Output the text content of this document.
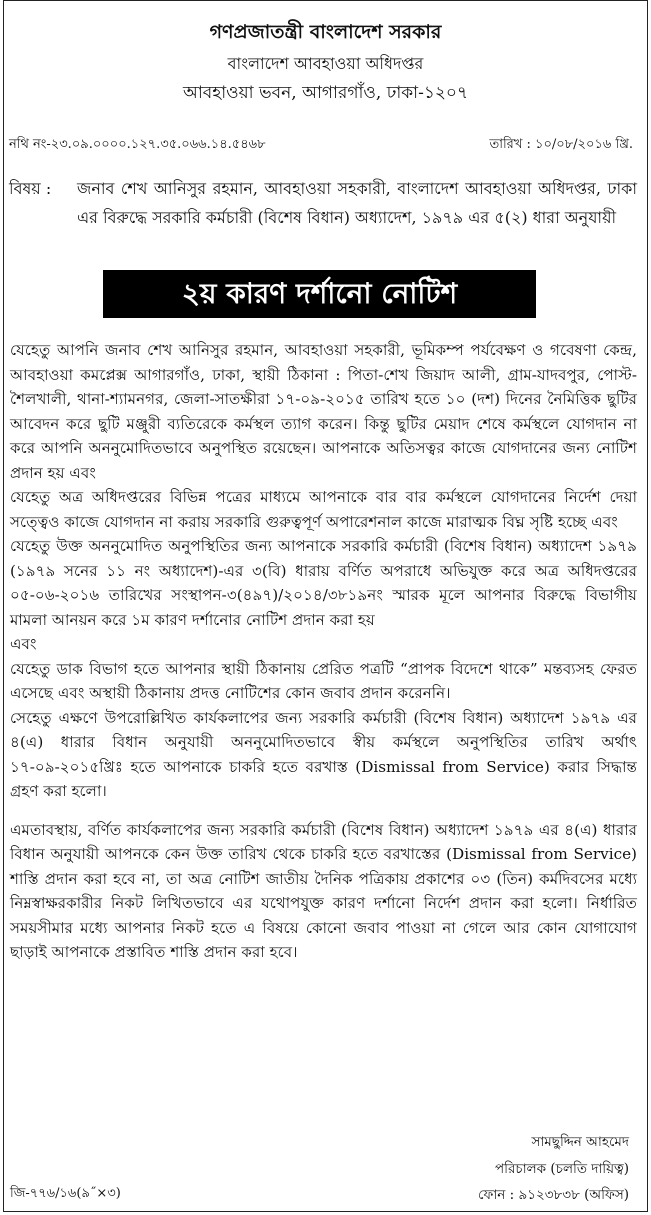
গণপ্রজাতন্ত্রী বাংলাদেশ সরকার
বাংলাদেশ আবহাওয়া অধিদপ্তর
আবহাওয়া ভবন, আগারগাঁও, ঢাকা-১২০৭
নথি নং-২৩.০৯.০০০০.১২৭.৩৫.০৬৬.১৪.৫৪৬৮	তারিখ : ১০/০৮/২০১৬ খ্রি.
বিষয় : জনাব শেখ আনিসুর রহমান, আবহাওয়া সহকারী, বাংলাদেশ আবহাওয়া অধিদপ্তর, ঢাকা এর বিরুদ্ধে সরকারি কর্মচারী (বিশেষ বিধান) অধ্যাদেশ, ১৯৭৯ এর ৫(২) ধারা অনুযায়ী
২য় কারণ দর্শানো নোটিশ

যেহেতু আপনি জনাব শেখ আনিসুর রহমান, আবহাওয়া সহকারী, ভূমিকম্প পর্যবেক্ষণ ও গবেষণা কেন্দ্র, আবহাওয়া কমপ্লেক্স আগারগাঁও, ঢাকা, স্থায়ী ঠিকানা : পিতা-শেখ জিয়াদ আলী, গ্রাম-যাদবপুর, পোস্ট-শৈলখালী, থানা-শ্যামনগর, জেলা-সাতক্ষীরা ১৭-০৯-২০১৫ তারিখ হতে ১০ (দশ) দিনের নৈমিত্তিক ছুটির আবেদন করে ছুটি মঞ্জুরী ব্যতিরেকে কর্মস্থল ত্যাগ করেন। কিন্তু ছুটির মেয়াদ শেষে কর্মস্থলে যোগদান না করে আপনি অননুমোদিতভাবে অনুপস্থিত রয়েছেন। আপনাকে অতিসত্বর কাজে যোগদানের জন্য নোটিশ প্রদান হয় এবং

যেহেতু অত্র অধিদপ্তরের বিভিন্ন পত্রের মাধ্যমে আপনাকে বার বার কর্মস্থলে যোগদানের নির্দেশ দেয়া সত্ত্বেও কাজে যোগদান না করায় সরকারি গুরুত্বপূর্ণ অপারেশনাল কাজে মারাত্মক বিঘ্ন সৃষ্টি হচ্ছে এবং

যেহেতু উক্ত অননুমোদিত অনুপস্থিতির জন্য আপনাকে সরকারি কর্মচারী (বিশেষ বিধান) অধ্যাদেশ ১৯৭৯ (১৯৭৯ সনের ১১ নং অধ্যাদেশ)-এর ৩(বি) ধারায় বর্ণিত অপরাধে অভিযুক্ত করে অত্র অধিদপ্তরের ০৫-০৬-২০১৬ তারিখের সংস্থাপন-৩(৪৯৭)/২০১৪/৩৮১৯নং স্মারক মূলে আপনার বিরুদ্ধে বিভাগীয় মামলা আনয়ন করে ১ম কারণ দর্শানোর নোটিশ প্রদান করা হয়

এবং

যেহেতু ডাক বিভাগ হতে আপনার স্থায়ী ঠিকানায় প্রেরিত পত্রটি “প্রাপক বিদেশে থাকে” মন্তব্যসহ ফেরত এসেছে এবং অস্থায়ী ঠিকানায় প্রদত্ত নোটিশের কোন জবাব প্রদান করেননি।

সেহেতু এক্ষণে উপরোল্লিখিত কার্যকলাপের জন্য সরকারি কর্মচারী (বিশেষ বিধান) অধ্যাদেশ ১৯৭৯ এর ৪(এ) ধারার বিধান অনুযায়ী অননুমোদিতভাবে স্বীয় কর্মস্থলে অনুপস্থিতির তারিখ অর্থাৎ ১৭-০৯-২০১৫খ্রিঃ হতে আপনাকে চাকরি হতে বরখাস্ত (Dismissal from Service) করার সিদ্ধান্ত গ্রহণ করা হলো।

এমতাবস্থায়, বর্ণিত কার্যকলাপের জন্য সরকারি কর্মচারী (বিশেষ বিধান) অধ্যাদেশ ১৯৭৯ এর ৪(এ) ধারার বিধান অনুযায়ী আপনকে কেন উক্ত তারিখ থেকে চাকরি হতে বরখাস্তের (Dismissal from Service) শাস্তি প্রদান করা হবে না, তা অত্র নোটিশ জাতীয় দৈনিক পত্রিকায় প্রকাশের ০৩ (তিন) কর্মদিবসের মধ্যে নিম্নস্বাক্ষরকারীর নিকট লিখিতভাবে এর যথোপযুক্ত কারণ দর্শানো নির্দেশ প্রদান করা হলো। নির্ধারিত সময়সীমার মধ্যে আপনার নিকট হতে এ বিষয়ে কোনো জবাব পাওয়া না গেলে আর কোন যোগাযোগ ছাড়াই আপনাকে প্রস্তাবিত শাস্তি প্রদান করা হবে।

সামছুদ্দিন আহমেদ
পরিচালক (চলতি দায়িত্ব)
ফোন : ৯১২৩৮৩৮ (অফিস)
জি-৭৭৬/১৬(৯˝×৩)
